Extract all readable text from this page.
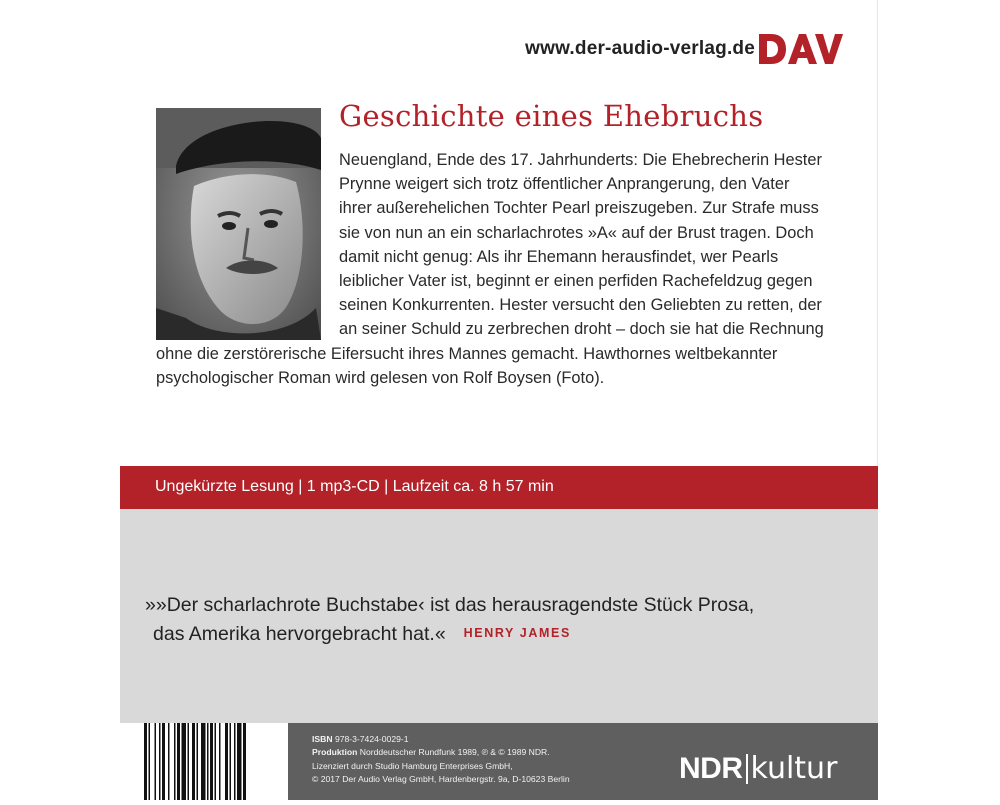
www.der-audio-verlag.de
Geschichte eines Ehebruchs
Neuengland, Ende des 17. Jahrhunderts: Die Ehebrecherin Hester
Prynne weigert sich trotz öffentlicher Anprangerung, den Vater
ihrer außerehelichen Tochter Pearl preiszugeben. Zur Strafe muss
sie von nun an ein scharlachrotes »A« auf der Brust tragen. Doch
damit nicht genug: Als ihr Ehemann herausfindet, wer Pearls
leiblicher Vater ist, beginnt er einen perfiden Rachefeldzug gegen
seinen Konkurrenten. Hester versucht den Geliebten zu retten, der
an seiner Schuld zu zerbrechen droht – doch sie hat die Rechnung
ohne die zerstörerische Eifersucht ihres Mannes gemacht. Hawthornes weltbekannter
psychologischer Roman wird gelesen von Rolf Boysen (Foto).
Ungekürzte Lesung | 1 mp3-CD | Laufzeit ca. 8 h 57 min
»»Der scharlachrote Buchstabe‹ ist das herausragendste Stück Prosa,
das Amerika hervorgebracht hat.« HENRY JAMES
ISBN 978-3-7424-0029-1
Produktion Norddeutscher Rundfunk 1989, ℗ & © 1989 NDR.
Lizenziert durch Studio Hamburg Enterprises GmbH,
© 2017 Der Audio Verlag GmbH, Hardenbergstr. 9a, D-10623 Berlin	NDR kultur
